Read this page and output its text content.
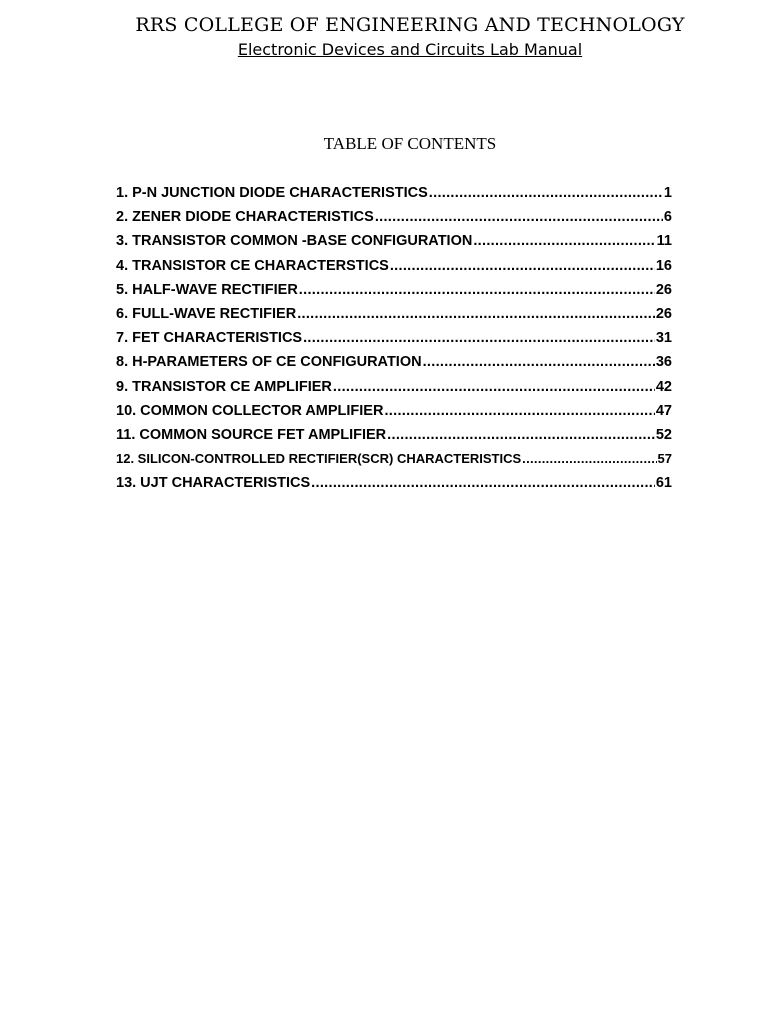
RRS COLLEGE OF ENGINEERING AND TECHNOLOGY
Electronic Devices and Circuits Lab Manual
TABLE OF CONTENTS
1. P-N JUNCTION DIODE CHARACTERISTICS .....	1
2. ZENER DIODE CHARACTERISTICS .....	6
3. TRANSISTOR COMMON -BASE CONFIGURATION .....	11
4. TRANSISTOR CE CHARACTERSTICS .....	16
5. HALF-WAVE RECTIFIER .....	26
6. FULL-WAVE RECTIFIER .....	26
7. FET CHARACTERISTICS .....	31
8. H-PARAMETERS OF CE CONFIGURATION .....	36
9. TRANSISTOR CE AMPLIFIER .....	42
10. COMMON COLLECTOR AMPLIFIER .....	47
11. COMMON SOURCE FET AMPLIFIER .....	52
12. SILICON-CONTROLLED RECTIFIER(SCR) CHARACTERISTICS .....	57
13. UJT CHARACTERISTICS .....	61
